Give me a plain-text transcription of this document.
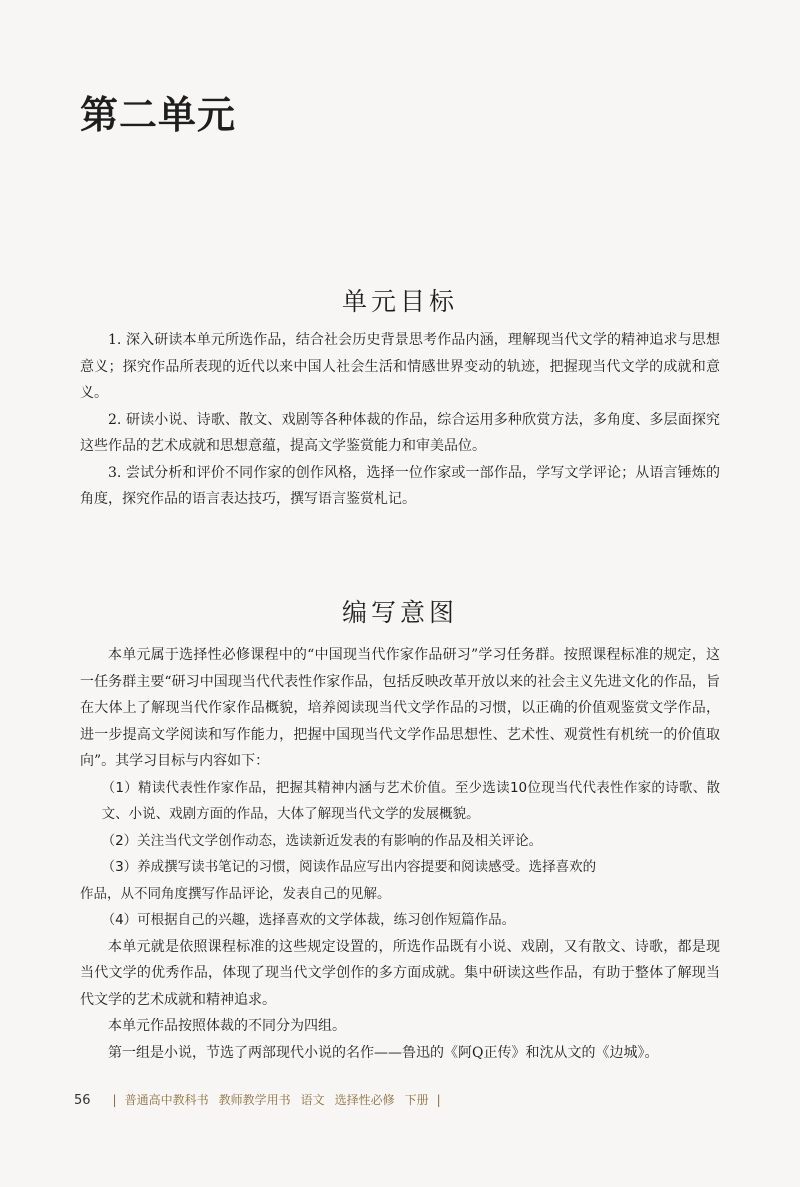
第二单元
单元目标

1. 深入研读本单元所选作品，结合社会历史背景思考作品内涵，理解现当代文学的精神追求与思想意义；探究作品所表现的近代以来中国人社会生活和情感世界变动的轨迹，把握现当代文学的成就和意义。

2. 研读小说、诗歌、散文、戏剧等各种体裁的作品，综合运用多种欣赏方法，多角度、多层面探究这些作品的艺术成就和思想意蕴，提高文学鉴赏能力和审美品位。

3. 尝试分析和评价不同作家的创作风格，选择一位作家或一部作品，学写文学评论；从语言锤炼的角度，探究作品的语言表达技巧，撰写语言鉴赏札记。

编写意图

本单元属于选择性必修课程中的“中国现当代作家作品研习”学习任务群。按照课程标准的规定，这一任务群主要“研习中国现当代代表性作家作品，包括反映改革开放以来的社会主义先进文化的作品，旨在大体上了解现当代作家作品概貌，培养阅读现当代文学作品的习惯，以正确的价值观鉴赏文学作品，进一步提高文学阅读和写作能力，把握中国现当代文学作品思想性、艺术性、观赏性有机统一的价值取向”。其学习目标与内容如下：

（1）精读代表性作家作品，把握其精神内涵与艺术价值。至少选读10位现当代代表性作家的诗歌、散文、小说、戏剧方面的作品，大体了解现当代文学的发展概貌。

（2）关注当代文学创作动态，选读新近发表的有影响的作品及相关评论。

（3）养成撰写读书笔记的习惯，阅读作品应写出内容提要和阅读感受。选择喜欢的

作品，从不同角度撰写作品评论，发表自己的见解。

（4）可根据自己的兴趣，选择喜欢的文学体裁，练习创作短篇作品。

本单元就是依照课程标准的这些规定设置的，所选作品既有小说、戏剧，又有散文、诗歌，都是现当代文学的优秀作品，体现了现当代文学创作的多方面成就。集中研读这些作品，有助于整体了解现当代文学的艺术成就和精神追求。

本单元作品按照体裁的不同分为四组。

第一组是小说，节选了两部现代小说的名作——鲁迅的《阿Q正传》和沈从文的《边城》。

56 | 普通高中教科书 教师教学用书 语文 选择性必修 下册 |
